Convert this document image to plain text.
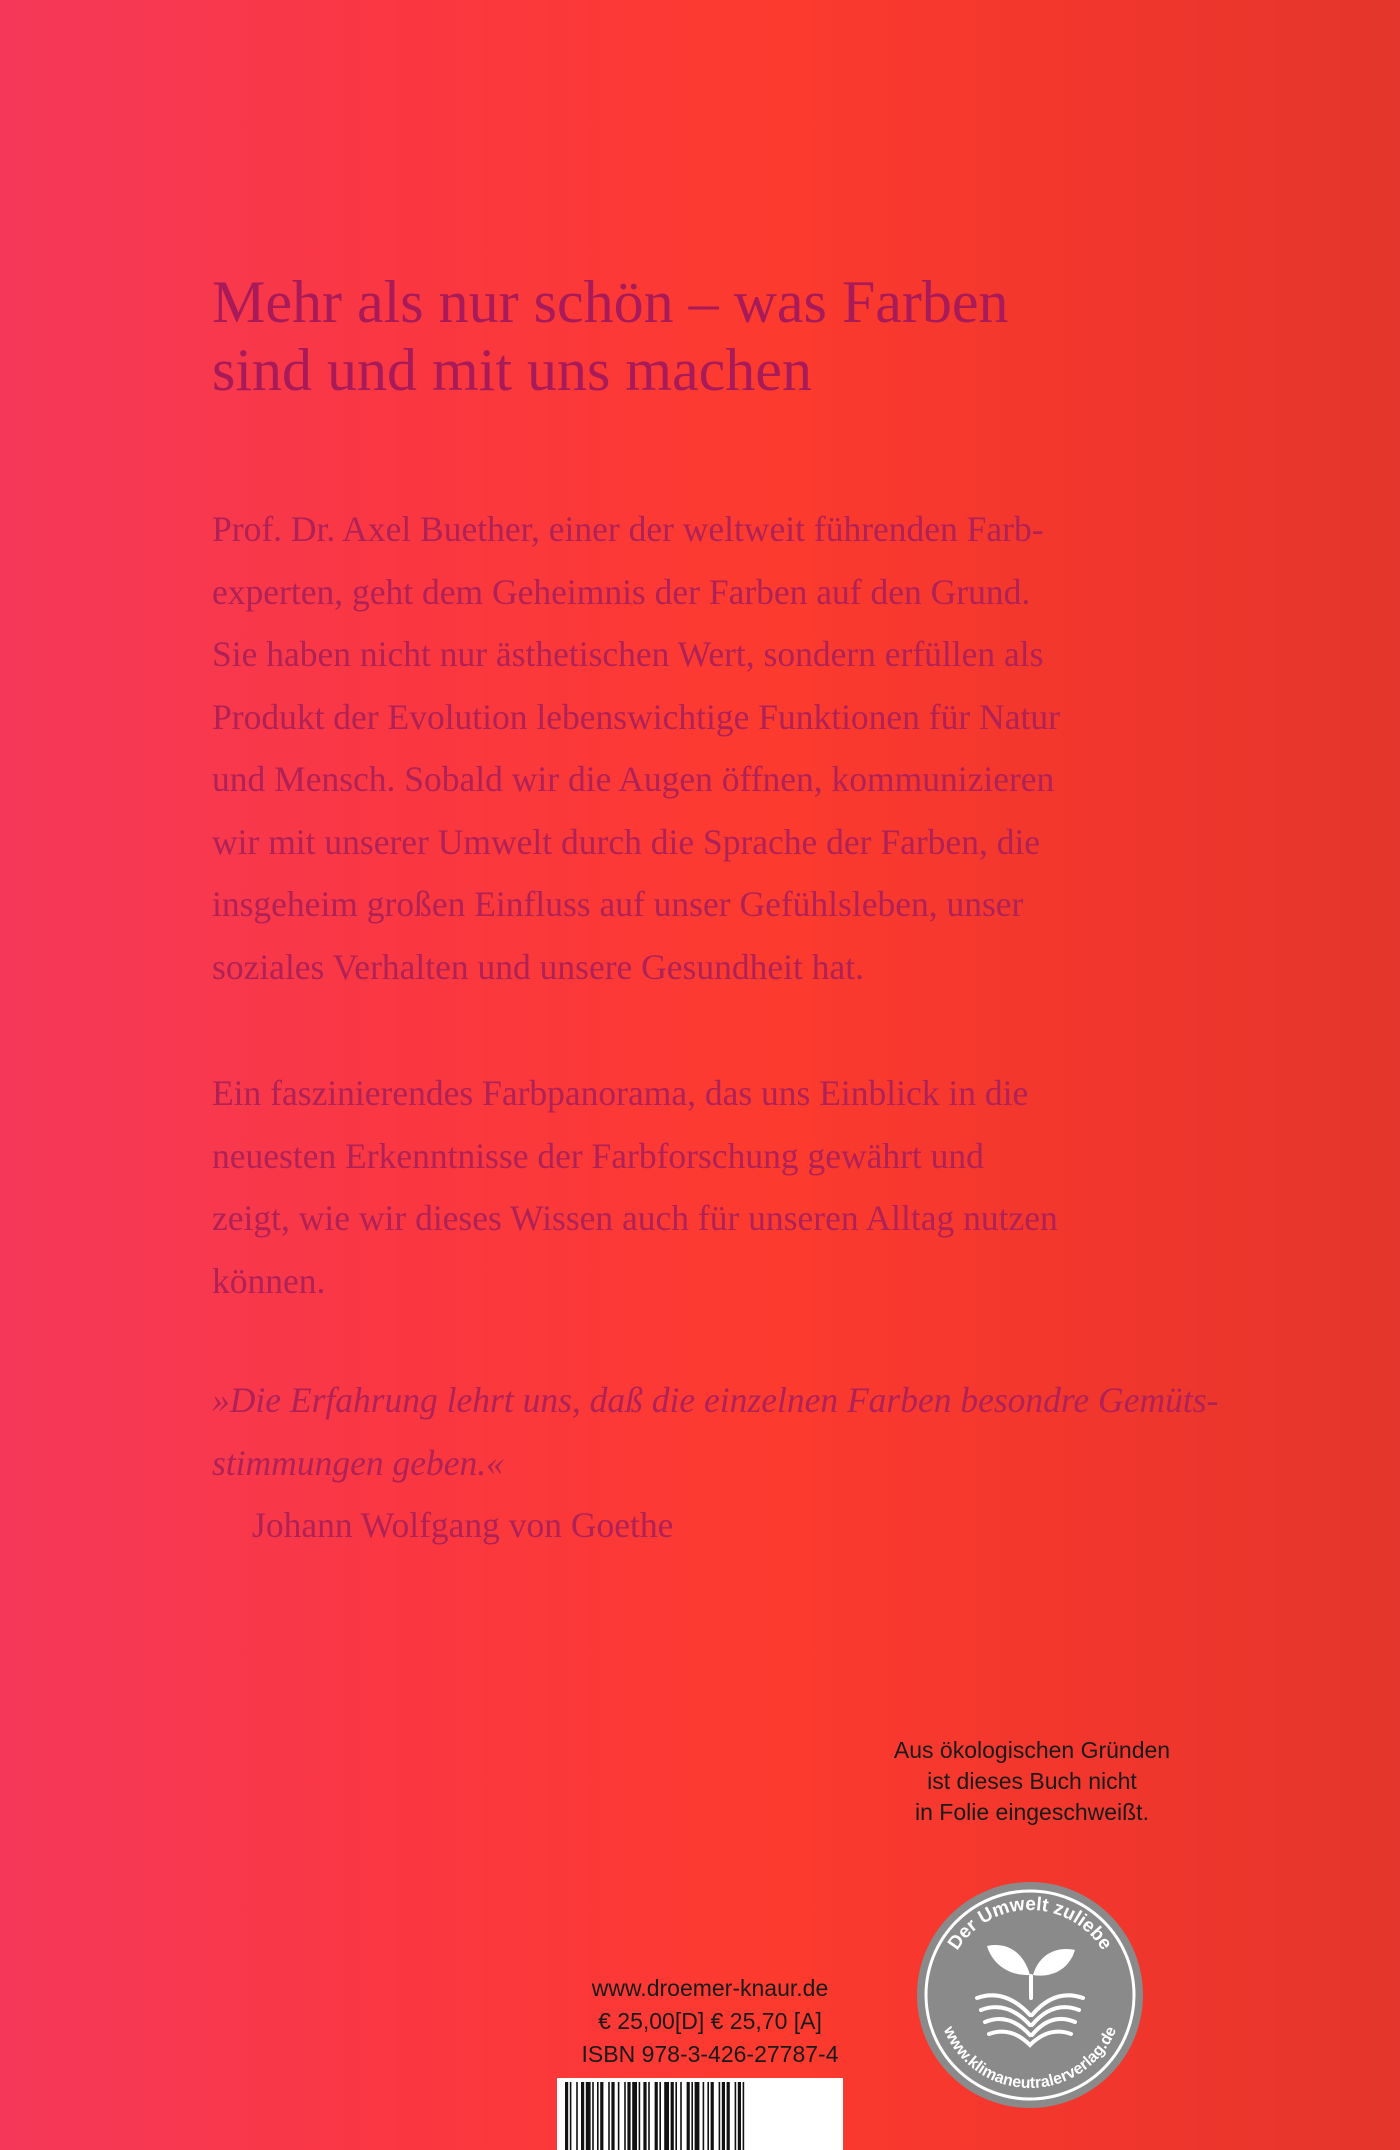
Mehr als nur schön – was Farben
sind und mit uns machen

Prof. Dr. Axel Buether, einer der weltweit führenden Farb-
experten, geht dem Geheimnis der Farben auf den Grund.
Sie haben nicht nur ästhetischen Wert, sondern erfüllen als
Produkt der Evolution lebenswichtige Funktionen für Natur
und Mensch. Sobald wir die Augen öffnen, kommunizieren
wir mit unserer Umwelt durch die Sprache der Farben, die
insgeheim großen Einfluss auf unser Gefühlsleben, unser
soziales Verhalten und unsere Gesundheit hat.

Ein faszinierendes Farbpanorama, das uns Einblick in die
neuesten Erkenntnisse der Farbforschung gewährt und
zeigt, wie wir dieses Wissen auch für unseren Alltag nutzen
können.

»Die Erfahrung lehrt uns, daß die einzelnen Farben besondre Gemüts-
stimmungen geben.«
Johann Wolfgang von Goethe

Aus ökologischen Gründen
ist dieses Buch nicht
in Folie eingeschweißt.
Der Umwelt zuliebe
www.klimaneutralerverlag.de
www.droemer-knaur.de
€ 25,00[D] € 25,70 [A]
ISBN 978-3-426-27787-4
